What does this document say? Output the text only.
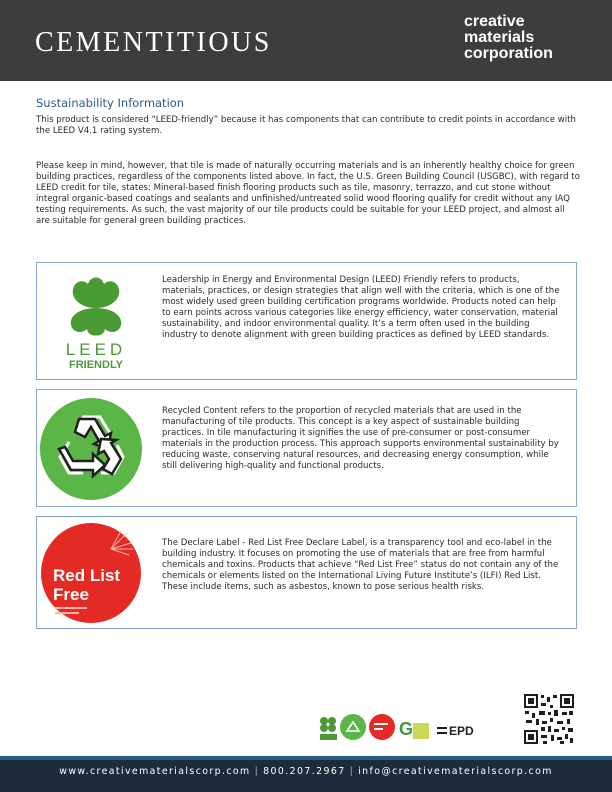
CEMENTITIOUS
creative
materials
corporation
Sustainability Information
This product is considered “LEED-friendly” because it has components that can contribute to credit points in accordance with the LEED V4.1 rating system.
Please keep in mind, however, that tile is made of naturally occurring materials and is an inherently healthy choice for green building practices, regardless of the components listed above. In fact, the U.S. Green Building Council (USGBC), with regard to LEED credit for tile, states: Mineral-based finish flooring products such as tile, masonry, terrazzo, and cut stone without integral organic-based coatings and sealants and unfinished/untreated solid wood flooring qualify for credit without any IAQ testing requirements. As such, the vast majority of our tile products could be suitable for your LEED project, and almost all are suitable for general green building practices.
LEED
FRIENDLY
Leadership in Energy and Environmental Design (LEED) Friendly refers to products, materials, practices, or design strategies that align well with the criteria, which is one of the most widely used green building certification programs worldwide. Products noted can help to earn points across various categories like energy efficiency, water conservation, material sustainability, and indoor environmental quality. It’s a term often used in the building industry to denote alignment with green building practices as defined by LEED standards.
Recycled Content refers to the proportion of recycled materials that are used in the manufacturing of tile products. This concept is a key aspect of sustainable building practices. In tile manufacturing it signifies the use of pre-consumer or post-consumer materials in the production process. This approach supports environmental sustainability by reducing waste, conserving natural resources, and decreasing energy consumption, while still delivering high-quality and functional products.
Red List
Free
The Declare Label - Red List Free Declare Label, is a transparency tool and eco-label in the building industry. It focuses on promoting the use of materials that are free from harmful chemicals and toxins. Products that achieve “Red List Free” status do not contain any of the chemicals or elements listed on the International Living Future Institute’s (ILFI) Red List. These include items, such as asbestos, known to pose serious health risks.
G	EPD
www.creativematerialscorp.com | 800.207.2967 | info@creativematerialscorp.com
